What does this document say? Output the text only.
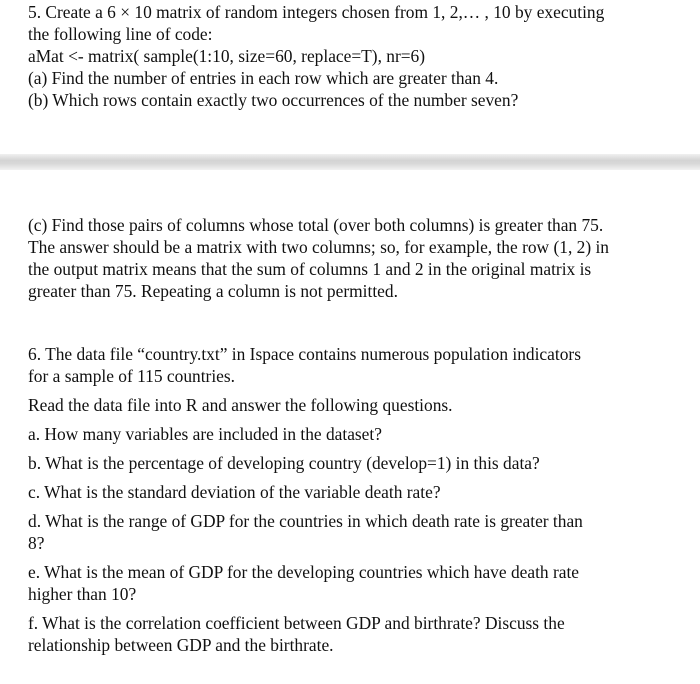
5. Create a 6 × 10 matrix of random integers chosen from 1, 2,… , 10 by executing

the following line of code:

aMat <- matrix( sample(1:10, size=60, replace=T), nr=6)

(a) Find the number of entries in each row which are greater than 4.

(b) Which rows contain exactly two occurrences of the number seven?

(c) Find those pairs of columns whose total (over both columns) is greater than 75.

The answer should be a matrix with two columns; so, for example, the row (1, 2) in

the output matrix means that the sum of columns 1 and 2 in the original matrix is

greater than 75. Repeating a column is not permitted.

6. The data file “country.txt” in Ispace contains numerous population indicators

for a sample of 115 countries.

Read the data file into R and answer the following questions.

a. How many variables are included in the dataset?

b. What is the percentage of developing country (develop=1) in this data?

c. What is the standard deviation of the variable death rate?

d. What is the range of GDP for the countries in which death rate is greater than

8?

e. What is the mean of GDP for the developing countries which have death rate

higher than 10?

f. What is the correlation coefficient between GDP and birthrate? Discuss the

relationship between GDP and the birthrate.
